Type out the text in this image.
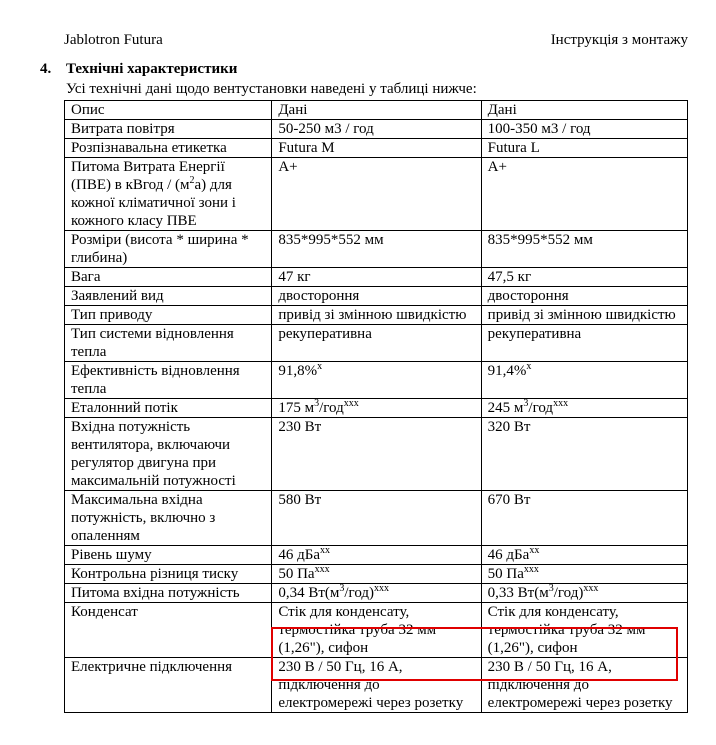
Jablotron Futura	Інструкція з монтажу
4. Технічні характеристики
Усі технічні дані щодо вентустановки наведені у таблиці нижче:
Опис	Дані	Дані
Витрата повітря	50-250 м3 / год	100-350 м3 / год
Розпізнавальна етикетка	Futura M	Futura L
Питома Витрата Енергії (ПВЕ) в кВгод / $(м^2а)$ для кожної кліматичної зони і кожного класу ПВЕ	A+	A+
Розміри (висота * ширина * глибина)	835*995*552 мм	835*995*552 мм
Вага	47 кг	47,5 кг
Заявлений вид	двостороння	двостороння
Тип приводу	привід зі змінною швидкістю	привід зі змінною швидкістю
Тип системи відновлення тепла	рекуперативна	рекуперативна
Ефективність відновлення тепла	91,8%$^x$	91,4%$^x$
Еталонний потік	175 $м^3/год^{xxx}$	245 $м^3/год^{xxx}$
Вхідна потужність вентилятора, включаючи регулятор двигуна при максимальній потужності	230 Вт	320 Вт
Максимальна вхідна потужність, включно з опаленням	580 Вт	670 Вт
Рівень шуму	46 дБа$^{xx}$	46 дБа$^{xx}$
Контрольна різниця тиску	50 $Па^{xxx}$	50 $Па^{xxx}$
Питома вхідна потужність	0,34 $Вт(м^3/год)^{xxx}$	0,33 $Вт(м^3/год)^{xxx}$
Конденсат	Стік для конденсату, термостійка труба 32 мм (1,26"), сифон	Стік для конденсату, термостійка труба 32 мм (1,26"), сифон
Електричне підключення	230 В / 50 Гц, 16 А, підключення до електромережі через розетку	230 В / 50 Гц, 16 А, підключення до електромережі через розетку
